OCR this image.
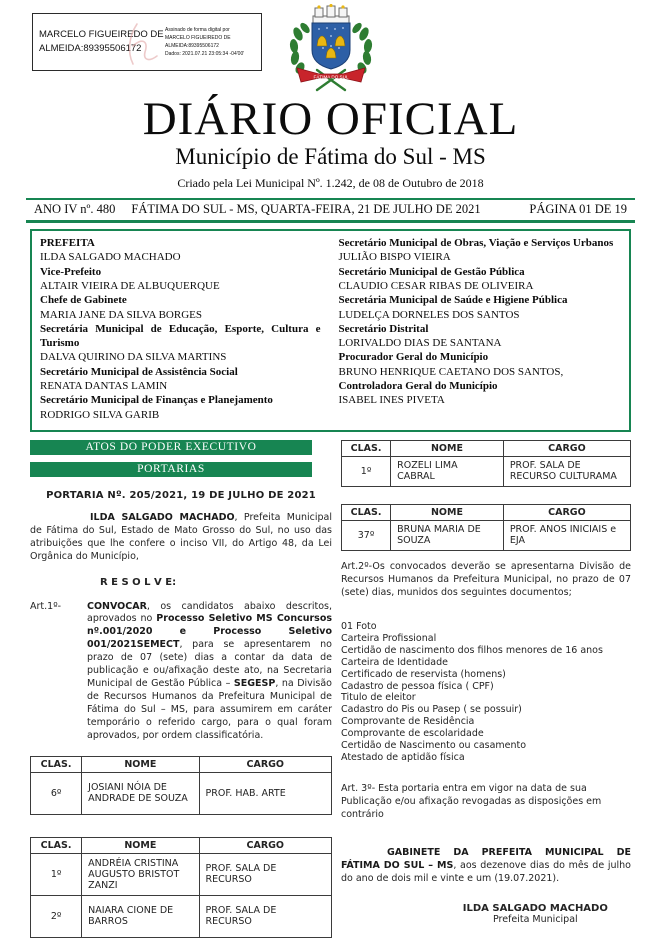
MARCELO FIGUEIREDO DE ALMEIDA:89395506172
Assinado de forma digital por
MARCELO FIGUEIREDO DE
ALMEIDA:89395506172
Dados: 2021.07.21 23:05:34 -04'00'
FÁTIMA DO SUL
DIÁRIO OFICIAL
Município de Fátima do Sul - MS
Criado pela Lei Municipal Nº. 1.242, de 08 de Outubro de 2018
ANO IV nº. 480 FÁTIMA DO SUL - MS, QUARTA-FEIRA, 21 DE JULHO DE 2021	PÁGINA 01 DE 19
PREFEITA
ILDA SALGADO MACHADO
Vice-Prefeito
ALTAIR VIEIRA DE ALBUQUERQUE
Chefe de Gabinete
MARIA JANE DA SILVA BORGES
Secretária Municipal de Educação, Esporte, Cultura e Turismo
DALVA QUIRINO DA SILVA MARTINS
Secretário Municipal de Assistência Social
RENATA DANTAS LAMIN
Secretário Municipal de Finanças e Planejamento
RODRIGO SILVA GARIB
Secretário Municipal de Obras, Viação e Serviços Urbanos
JULIÃO BISPO VIEIRA
Secretário Municipal de Gestão Pública
CLAUDIO CESAR RIBAS DE OLIVEIRA
Secretária Municipal de Saúde e Higiene Pública
LUDELÇA DORNELES DOS SANTOS
Secretário Distrital
LORIVALDO DIAS DE SANTANA
Procurador Geral do Município
BRUNO HENRIQUE CAETANO DOS SANTOS,
Controladora Geral do Município
ISABEL INES PIVETA
ATOS DO PODER EXECUTIVO
PORTARIAS
PORTARIA Nº. 205/2021, 19 DE JULHO DE 2021

ILDA SALGADO MACHADO, Prefeita Municipal de Fátima do Sul, Estado de Mato Grosso do Sul, no uso das atribuições que lhe confere o inciso VII, do Artigo 48, da Lei Orgânica do Município,

R E S O L V E:
Art.1º-	CONVOCAR, os candidatos abaixo descritos, aprovados no Processo Seletivo MS Concursos nº.001/2020 e Processo Seletivo 001/2021SEMECT, para se apresentarem no prazo de 07 (sete) dias a contar da data de publicação e ou/afixação deste ato, na Secretaria Municipal de Gestão Pública – SEGESP, na Divisão de Recursos Humanos da Prefeitura Municipal de Fátima do Sul – MS, para assumirem em caráter temporário o referido cargo, para o qual foram aprovados, por ordem classificatória.
CLAS.	NOME	CARGO
6º	JOSIANI NÓIA DE ANDRADE DE SOUZA	PROF. HAB. ARTE
CLAS.	NOME	CARGO
1º	ANDRÉIA CRISTINA AUGUSTO BRISTOT ZANZI	PROF. SALA DE RECURSO
2º	NAIARA CIONE DE BARROS	PROF. SALA DE RECURSO
CLAS.	NOME	CARGO
1º	ROZELI LIMA CABRAL	PROF. SALA DE RECURSO CULTURAMA
CLAS.	NOME	CARGO
37º	BRUNA MARIA DE SOUZA	PROF. ANOS INICIAIS e EJA

Art.2º-Os convocados deverão se apresentarna Divisão de Recursos Humanos da Prefeitura Municipal, no prazo de 07 (sete) dias, munidos dos seguintes documentos;

01 Foto
Carteira Profissional
Certidão de nascimento dos filhos menores de 16 anos
Carteira de Identidade
Certificado de reservista (homens)
Cadastro de pessoa física ( CPF)
Titulo de eleitor
Cadastro do Pis ou Pasep ( se possuir)
Comprovante de Residência
Comprovante de escolaridade
Certidão de Nascimento ou casamento
Atestado de aptidão física

Art. 3º- Esta portaria entra em vigor na data de sua Publicação e/ou afixação revogadas as disposições em contrário

GABINETE DA PREFEITA MUNICIPAL DE FÁTIMA DO SUL – MS, aos dezenove dias do mês de julho do ano de dois mil e vinte e um (19.07.2021).

ILDA SALGADO MACHADO
Prefeita Municipal
